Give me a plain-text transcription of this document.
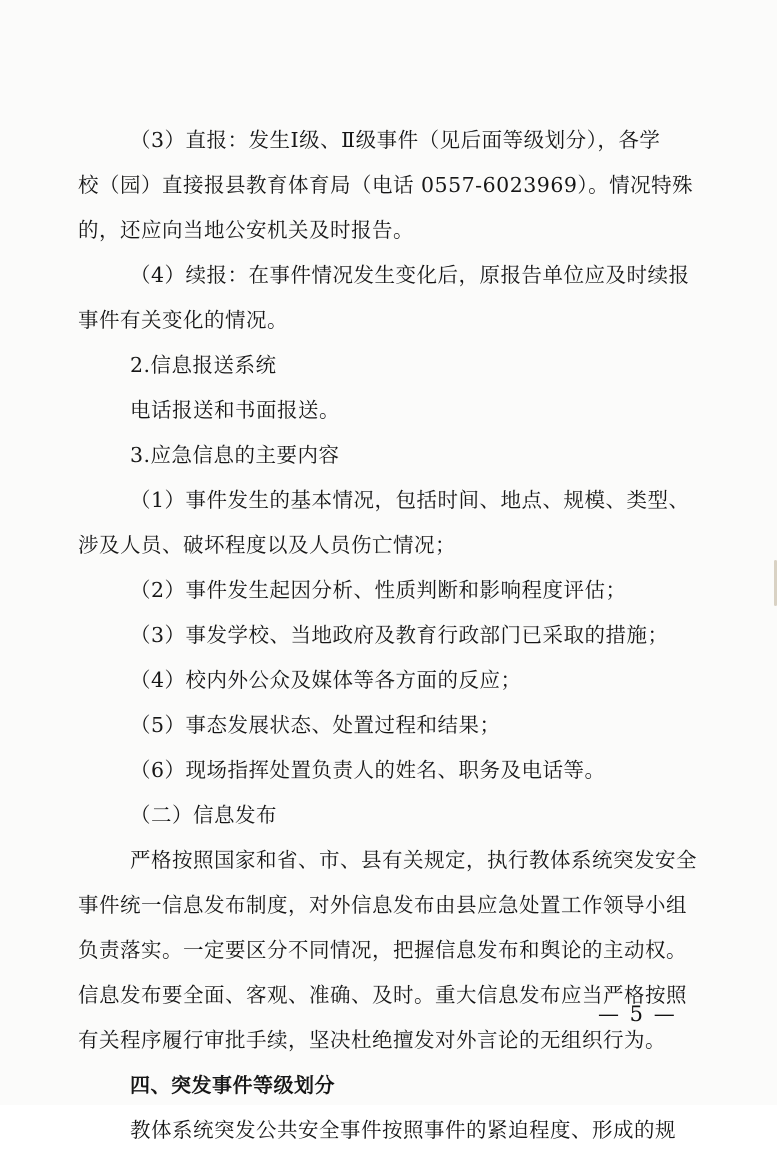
（3）直报：发生Ⅰ级、Ⅱ级事件（见后面等级划分），各学
校（园）直接报县教育体育局（电话 0557-6023969）。情况特殊
的，还应向当地公安机关及时报告。
（4）续报：在事件情况发生变化后，原报告单位应及时续报
事件有关变化的情况。
2.信息报送系统
电话报送和书面报送。
3.应急信息的主要内容
（1）事件发生的基本情况，包括时间、地点、规模、类型、
涉及人员、破坏程度以及人员伤亡情况；
（2）事件发生起因分析、性质判断和影响程度评估；
（3）事发学校、当地政府及教育行政部门已采取的措施；
（4）校内外公众及媒体等各方面的反应；
（5）事态发展状态、处置过程和结果；
（6）现场指挥处置负责人的姓名、职务及电话等。
（二）信息发布
严格按照国家和省、市、县有关规定，执行教体系统突发安全
事件统一信息发布制度，对外信息发布由县应急处置工作领导小组
负责落实。一定要区分不同情况，把握信息发布和舆论的主动权。
信息发布要全面、客观、准确、及时。重大信息发布应当严格按照
有关程序履行审批手续，坚决杜绝擅发对外言论的无组织行为。
四、突发事件等级划分
教体系统突发公共安全事件按照事件的紧迫程度、形成的规
— 5 —
